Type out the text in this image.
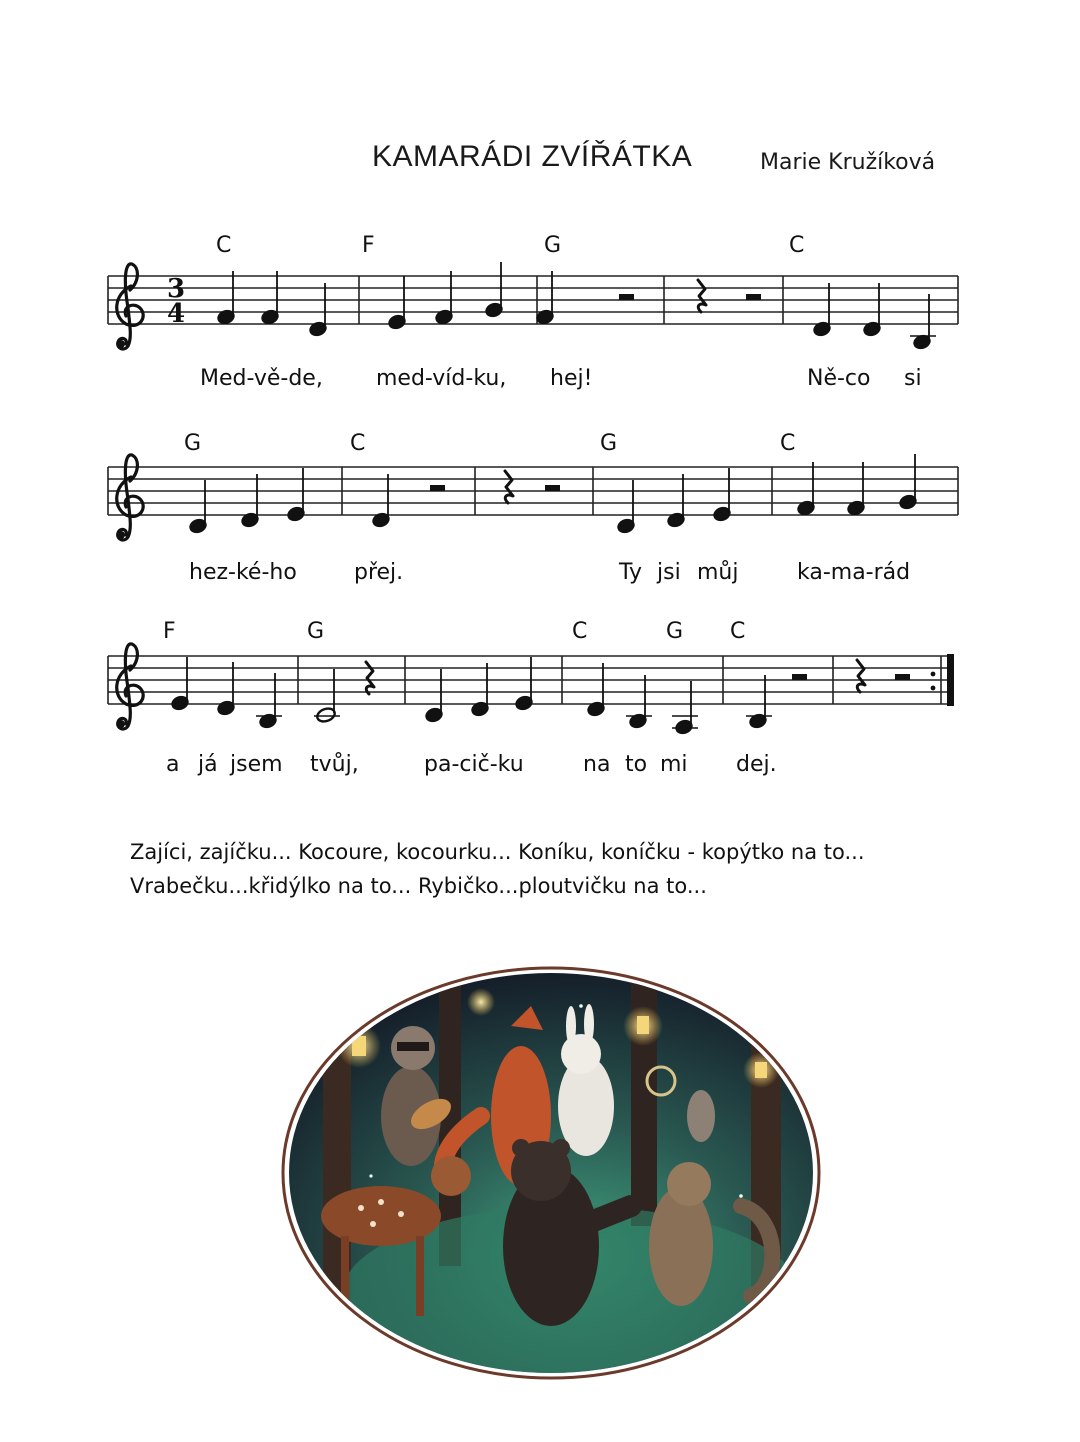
KAMARÁDI ZVÍŘÁTKA	Marie Kružíková
C	F	G	C
G	C	G	C
F	G	C	G C
Med-vě-de, med-víd-ku, hej!	Ně-co si
hez-ké-ho	přej.	Ty jsi můj	ka-ma-rád
a já jsem tvůj,	pa-cič-ku	na to mi dej.
Zajíci, zajíčku... Kocoure, kocourku... Koníku, koníčku - kopýtko na to...
Vrabečku...křidýlko na to... Rybičko...ploutvičku na to...
3
4
